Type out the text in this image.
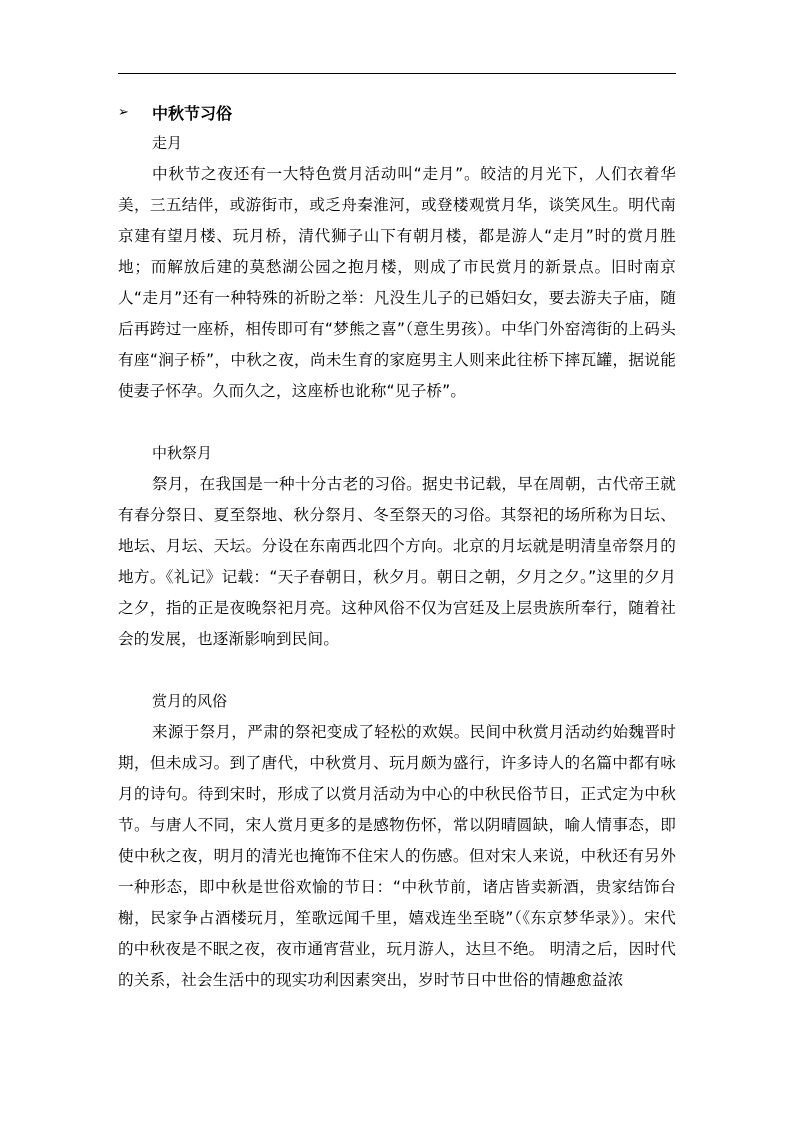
➢	中秋节习俗
走月

中秋节之夜还有一大特色赏月活动叫“走月”。皎洁的月光下，人们衣着华美，三五结伴，或游街市，或乏舟秦淮河，或登楼观赏月华，谈笑风生。明代南京建有望月楼、玩月桥，清代狮子山下有朝月楼，都是游人“走月”时的赏月胜地；而解放后建的莫愁湖公园之抱月楼，则成了市民赏月的新景点。旧时南京人“走月”还有一种特殊的祈盼之举：凡没生儿子的已婚妇女，要去游夫子庙，随后再跨过一座桥，相传即可有“梦熊之喜”（意生男孩）。中华门外窑湾街的上码头有座“涧子桥”，中秋之夜，尚未生育的家庭男主人则来此往桥下摔瓦罐，据说能使妻子怀孕。久而久之，这座桥也讹称“见子桥”。

中秋祭月

祭月，在我国是一种十分古老的习俗。据史书记载，早在周朝，古代帝王就有春分祭日、夏至祭地、秋分祭月、冬至祭天的习俗。其祭祀的场所称为日坛、地坛、月坛、天坛。分设在东南西北四个方向。北京的月坛就是明清皇帝祭月的地方。《礼记》记载：“天子春朝日，秋夕月。朝日之朝，夕月之夕。”这里的夕月之夕，指的正是夜晚祭祀月亮。这种风俗不仅为宫廷及上层贵族所奉行，随着社会的发展，也逐渐影响到民间。

赏月的风俗

来源于祭月，严肃的祭祀变成了轻松的欢娱。民间中秋赏月活动约始魏晋时期，但未成习。到了唐代，中秋赏月、玩月颇为盛行，许多诗人的名篇中都有咏月的诗句。待到宋时，形成了以赏月活动为中心的中秋民俗节日，正式定为中秋节。与唐人不同，宋人赏月更多的是感物伤怀，常以阴晴圆缺，喻人情事态，即使中秋之夜，明月的清光也掩饰不住宋人的伤感。但对宋人来说，中秋还有另外一种形态，即中秋是世俗欢愉的节日：“中秋节前，诸店皆卖新酒，贵家结饰台榭，民家争占酒楼玩月，笙歌远闻千里，嬉戏连坐至晓”（《东京梦华录》）。宋代的中秋夜是不眠之夜，夜市通宵营业，玩月游人，达旦不绝。 明清之后，因时代的关系，社会生活中的现实功利因素突出，岁时节日中世俗的情趣愈益浓
